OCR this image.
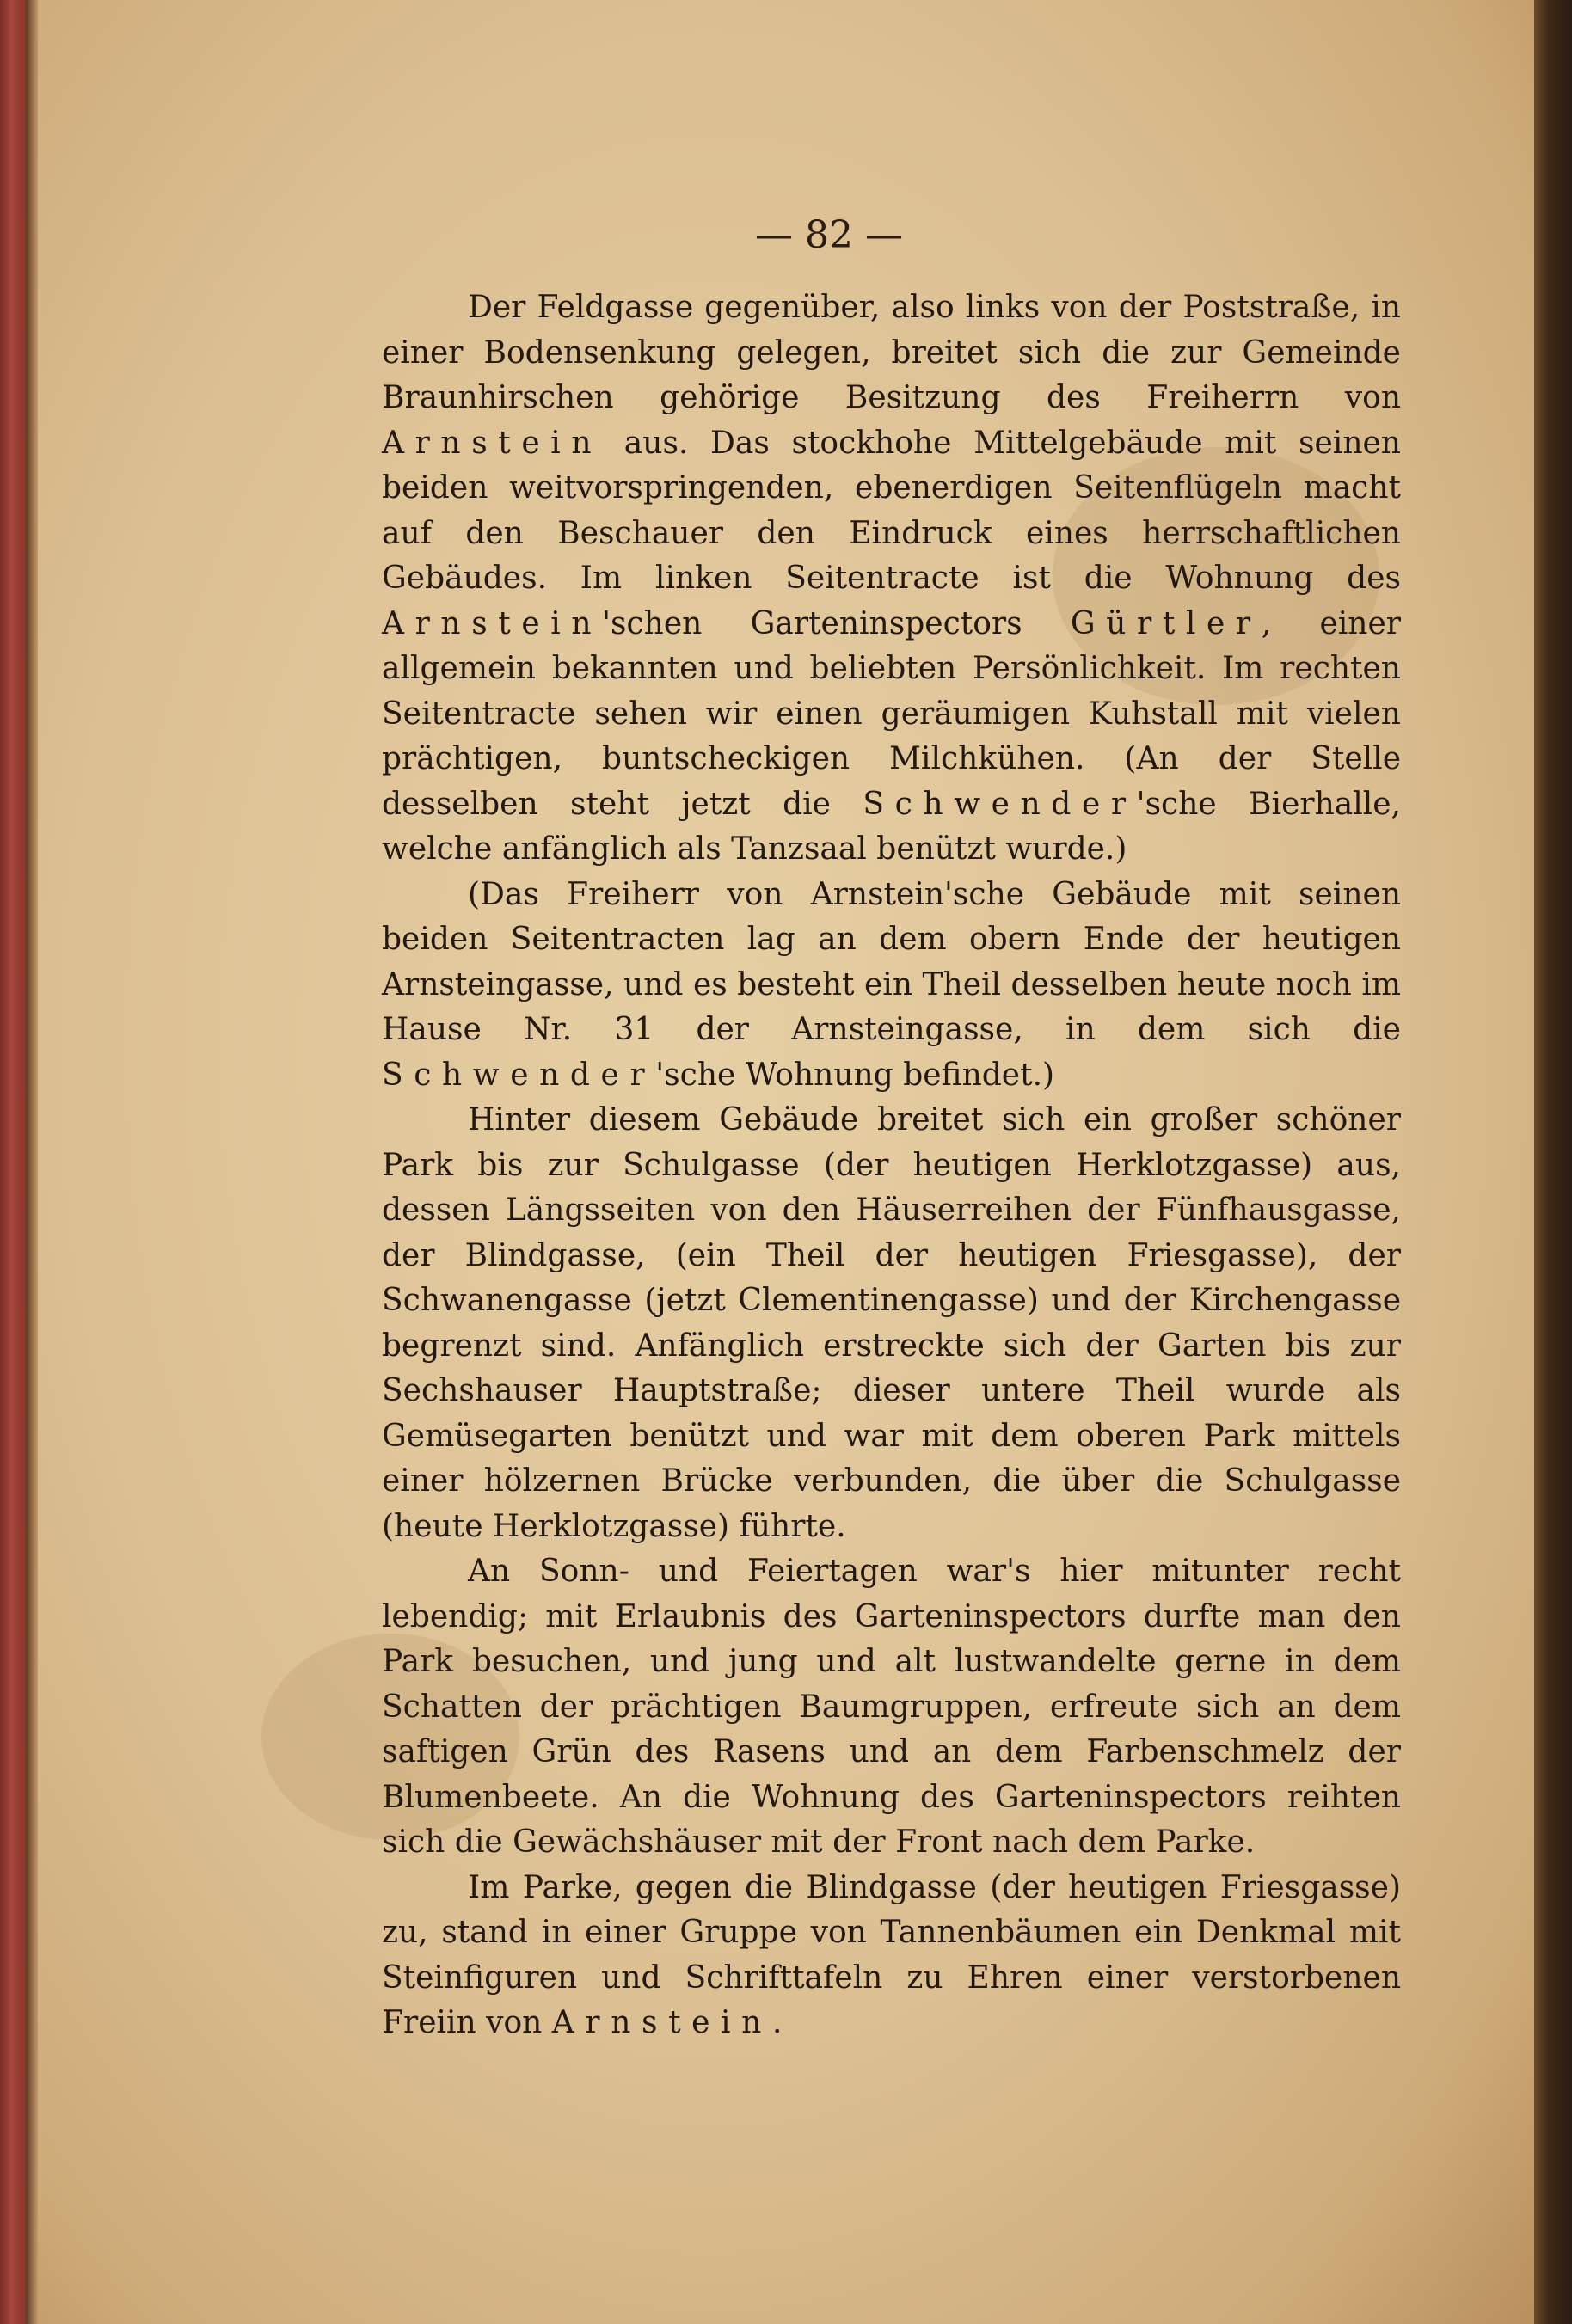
— 82 —

Der Feldgasse gegenüber, also links von der Poststraße, in einer Bodensenkung gelegen, breitet sich die zur Gemeinde Braunhirschen gehörige Besitzung des Freiherrn von Arnstein aus. Das stockhohe Mittelgebäude mit seinen beiden weitvorspringenden, ebenerdigen Seitenflügeln macht auf den Beschauer den Eindruck eines herrschaftlichen Gebäudes. Im linken Seitentracte ist die Wohnung des Arnstein'schen Garteninspectors Gürtler, einer allgemein bekannten und beliebten Persönlichkeit. Im rechten Seitentracte sehen wir einen geräumigen Kuhstall mit vielen prächtigen, buntscheckigen Milchkühen. (An der Stelle desselben steht jetzt die Schwender'sche Bierhalle, welche anfänglich als Tanzsaal benützt wurde.)

(Das Freiherr von Arnstein'sche Gebäude mit seinen beiden Seitentracten lag an dem obern Ende der heutigen Arnsteingasse, und es besteht ein Theil desselben heute noch im Hause Nr. 31 der Arnsteingasse, in dem sich die Schwender'sche Wohnung befindet.)

Hinter diesem Gebäude breitet sich ein großer schöner Park bis zur Schulgasse (der heutigen Herklotzgasse) aus, dessen Längsseiten von den Häuserreihen der Fünfhausgasse, der Blindgasse, (ein Theil der heutigen Friesgasse), der Schwanengasse (jetzt Clementinengasse) und der Kirchengasse begrenzt sind. Anfänglich erstreckte sich der Garten bis zur Sechshauser Hauptstraße; dieser untere Theil wurde als Gemüsegarten benützt und war mit dem oberen Park mittels einer hölzernen Brücke verbunden, die über die Schulgasse (heute Herklotzgasse) führte.

An Sonn- und Feiertagen war's hier mitunter recht lebendig; mit Erlaubnis des Garteninspectors durfte man den Park besuchen, und jung und alt lustwandelte gerne in dem Schatten der prächtigen Baumgruppen, erfreute sich an dem saftigen Grün des Rasens und an dem Farbenschmelz der Blumenbeete. An die Wohnung des Garteninspectors reihten sich die Gewächshäuser mit der Front nach dem Parke.

Im Parke, gegen die Blindgasse (der heutigen Friesgasse) zu, stand in einer Gruppe von Tannenbäumen ein Denkmal mit Steinfiguren und Schrifttafeln zu Ehren einer verstorbenen Freiin von Arnstein.
